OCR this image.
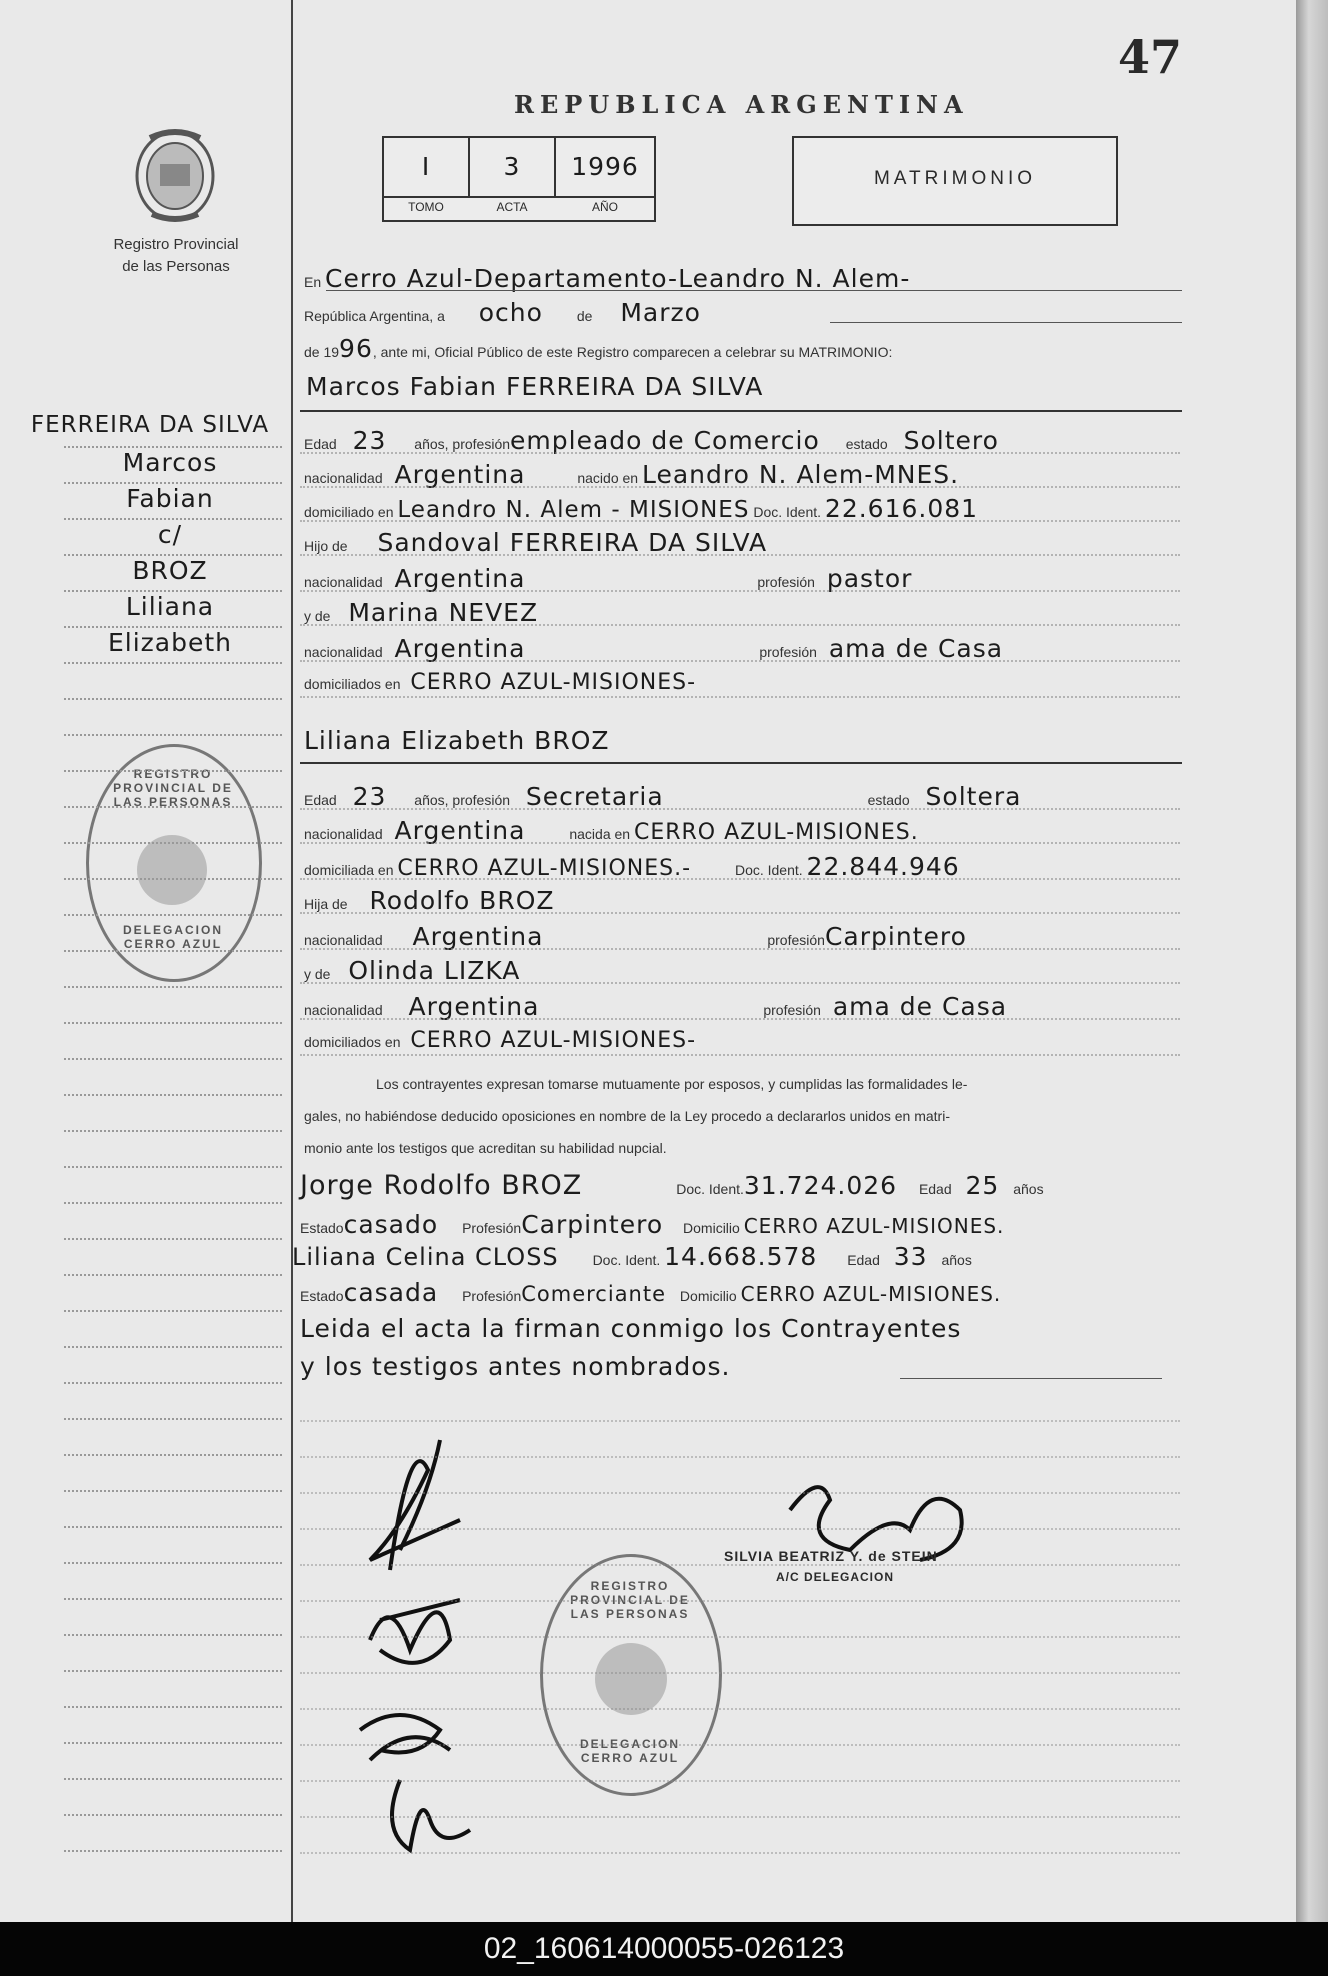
47
REPUBLICA ARGENTINA
Registro Provincial
de las Personas
I	3	1996
TOMO	ACTA	AÑO
MATRIMONIO
En Cerro Azul-Departamento-Leandro N. Alem-
República Argentina, a ocho de Marzo
de 1996, ante mi, Oficial Público de este Registro comparecen a celebrar su MATRIMONIO:
FERREIRA DA SILVA
Marcos
Fabian
c/
BROZ
Liliana
Elizabeth
REGISTRO PROVINCIAL DE LAS PERSONAS
DELEGACION CERRO AZUL
Marcos Fabian FERREIRA DA SILVA
Edad 23 años, profesiónempleado de Comercio estado Soltero
nacionalidad Argentina	nacido en Leandro N. Alem-MNES.
domiciliado en Leandro N. Alem - MISIONES Doc. Ident. 22.616.081
Hijo de Sandoval FERREIRA DA SILVA
nacionalidad Argentina	profesión pastor
y de Marina NEVEZ
nacionalidad Argentina	profesión ama de Casa
domiciliados en CERRO AZUL-MISIONES-
Liliana Elizabeth BROZ
Edad 23 años, profesión Secretaria	estado Soltera
nacionalidad Argentina	nacida en CERRO AZUL-MISIONES.
domiciliada en CERRO AZUL-MISIONES.-	Doc. Ident. 22.844.946
Hija de Rodolfo BROZ
nacionalidad Argentina	profesiónCarpintero
y de Olinda LIZKA
nacionalidad Argentina	profesión ama de Casa
domiciliados en CERRO AZUL-MISIONES-
Los contrayentes expresan tomarse mutuamente por esposos, y cumplidas las formalidades le-
gales, no habiéndose deducido oposiciones en nombre de la Ley procedo a declararlos unidos en matri-
monio ante los testigos que acreditan su habilidad nupcial.
Jorge Rodolfo BROZ	Doc. Ident.31.724.026 Edad 25 años
Estadocasado ProfesiónCarpintero Domicilio CERRO AZUL-MISIONES.
Liliana Celina CLOSS Doc. Ident. 14.668.578 Edad 33 años
Estadocasada ProfesiónComerciante Domicilio CERRO AZUL-MISIONES.
Leida el acta la firman conmigo los Contrayentes
y los testigos antes nombrados.
SILVIA BEATRIZ Y. de STEIN
A/C DELEGACION
REGISTRO PROVINCIAL DE LAS PERSONAS
DELEGACION CERRO AZUL
02_160614000055-026123
